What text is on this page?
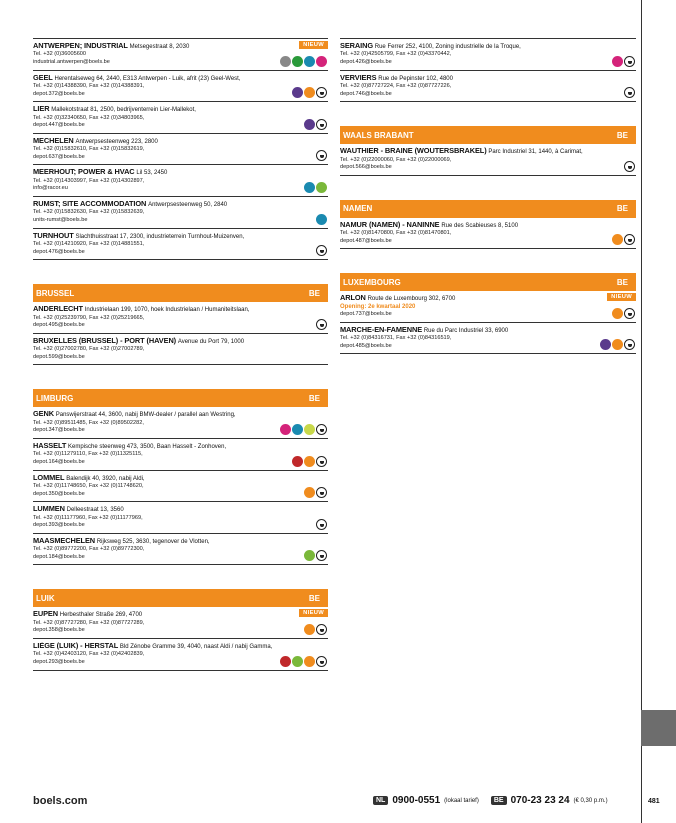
ANTWERPEN; INDUSTRIAL Metsegestraat 8, 2030
Tel. +32 (0)36005600
industrial.antwerpen@boels.be
NIEUW
GEEL Herentalseweg 64, 2440, E313 Antwerpen - Luik, afrit (23) Geel-West,
Tel. +32 (0)14388390, Fax +32 (0)14388391,
depot.372@boels.be
LIER Mallekotstraat 81, 2500, bedrijventerrein Lier-Mallekot,
Tel. +32 (0)32340650, Fax +32 (0)34803965,
depot.447@boels.be
MECHELEN Antwerpsesteenweg 223, 2800
Tel. +32 (0)15832610, Fax +32 (0)15832619,
depot.637@boels.be
MEERHOUT; POWER & HVAC Lil 53, 2450
Tel. +32 (0)14303997, Fax +32 (0)14302897,
info@racor.eu
RUMST; SITE ACCOMMODATION Antwerpsesteenweg 50, 2840
Tel. +32 (0)15832630, Fax +32 (0)15832639,
units-rumst@boels.be
TURNHOUT Slachthuisstraat 17, 2300, industrieterrein Turnhout-Muizenven,
Tel. +32 (0)14210920, Fax +32 (0)14881551,
depot.476@boels.be
BRUSSEL	BE
ANDERLECHT Industrielaan 199, 1070, hoek Industrielaan / Humaniteitslaan,
Tel. +32 (0)25239790, Fax +32 (0)25219665,
depot.495@boels.be
BRUXELLES (BRUSSEL) - PORT (HAVEN) Avenue du Port 79, 1000
Tel. +32 (0)27002780, Fax +32 (0)27002789,
depot.599@boels.be
LIMBURG	BE
GENK Panswijerstraat 44, 3600, nabij BMW-dealer / parallel aan Westring,
Tel. +32 (0)89511485, Fax +32 (0)89502282,
depot.347@boels.be
HASSELT Kempische steenweg 473, 3500, Baan Hasselt - Zonhoven,
Tel. +32 (0)11279110, Fax +32 (0)11325115,
depot.164@boels.be
LOMMEL Balendijk 40, 3920, nabij Aldi,
Tel. +32 (0)11748650, Fax +32 (0)11748620,
depot.350@boels.be
LUMMEN Delleestraat 13, 3560
Tel. +32 (0)11177960, Fax +32 (0)11177969,
depot.393@boels.be
MAASMECHELEN Rijksweg 525, 3630, tegenover de Vlotten,
Tel. +32 (0)89772200, Fax +32 (0)89772300,
depot.184@boels.be
LUIK	BE
EUPEN Herbesthaler Straße 269, 4700
Tel. +32 (0)87727280, Fax +32 (0)87727289,
depot.358@boels.be
NIEUW
LIÈGE (LUIK) - HERSTAL Bld Zénobe Gramme 39, 4040, naast Aldi / nabij Gamma,
Tel. +32 (0)42403120, Fax +32 (0)42402839,
depot.293@boels.be
SERAING Rue Ferrer 252, 4100, Zoning industrielle de la Troque,
Tel. +32 (0)42505799, Fax +32 (0)43370442,
depot.426@boels.be
VERVIERS Rue de Pepinster 102, 4800
Tel. +32 (0)87727224, Fax +32 (0)87727226,
depot.746@boels.be
WAALS BRABANT	BE
WAUTHIER - BRAINE (WOUTERSBRAKEL) Parc Industriel 31, 1440, à Carimat,
Tel. +32 (0)22000060, Fax +32 (0)22000069,
depot.566@boels.be
NAMEN	BE
NAMUR (NAMEN) - NANINNE Rue des Scabieuses 8, 5100
Tel. +32 (0)81470800, Fax +32 (0)81470801,
depot.487@boels.be
LUXEMBOURG	BE
ARLON Route de Luxembourg 302, 6700
Opening: 2e kwartaal 2020
depot.737@boels.be
NIEUW
MARCHE-EN-FAMENNE Rue du Parc Industriel 33, 6900
Tel. +32 (0)84316731, Fax +32 (0)84316519,
depot.485@boels.be
boels.com	NL 0900-0551 (lokaal tarief)	BE 070-23 23 24 (€ 0,30 p.m.)	481
